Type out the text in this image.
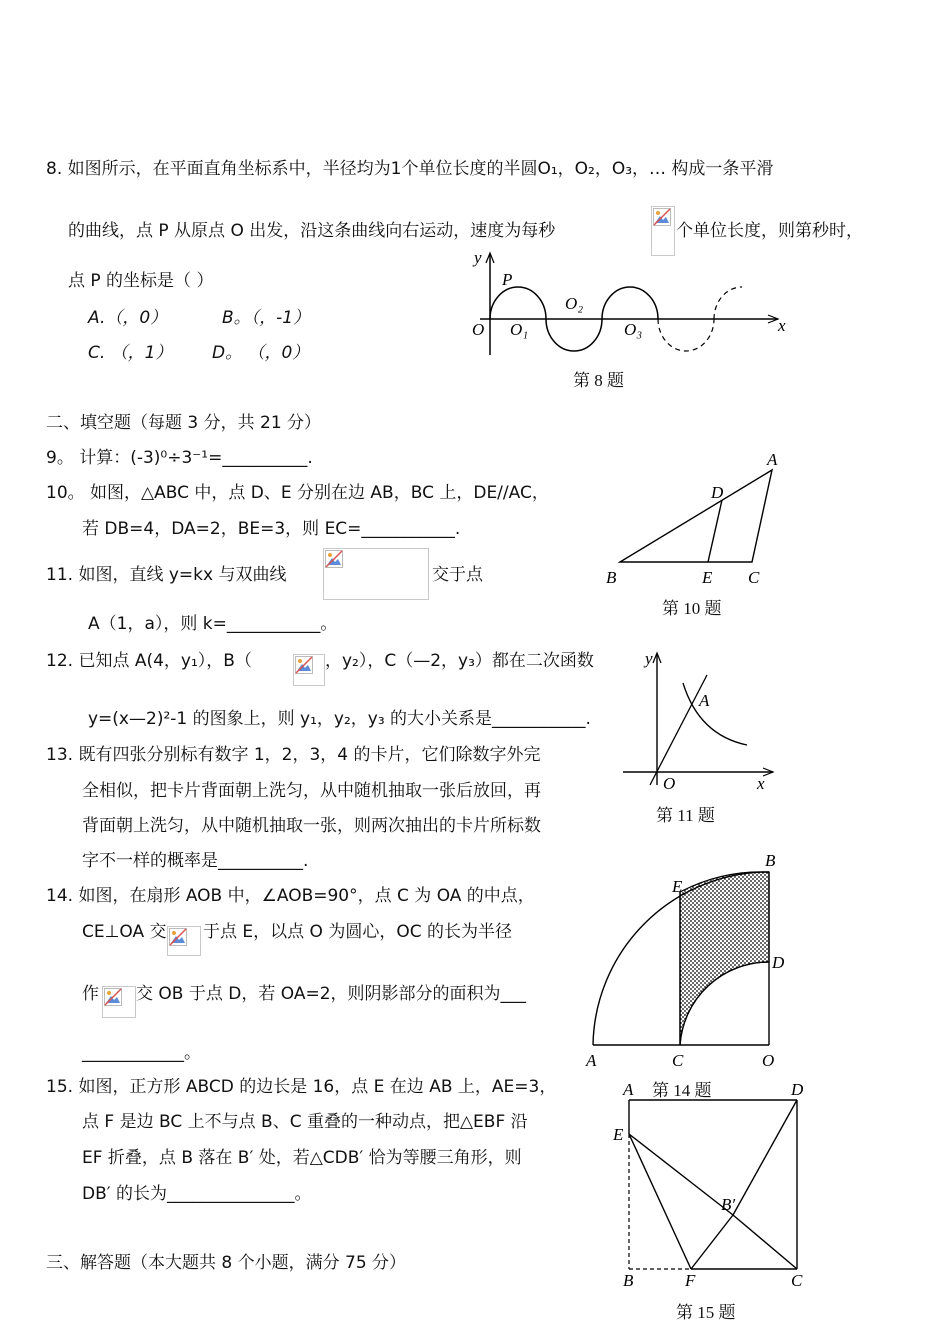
8. 如图所示，在平面直角坐标系中，半径均为1个单位长度的半圆O₁，O₂，O₃，… 构成一条平滑
的曲线，点 P 从原点 O 出发，沿这条曲线向右运动，速度为每秒	个单位长度，则第秒时，
点 P 的坐标是（ ）
A.（，0）	B。（，-1）
C. （，1） D。 （，0）
y
P
O O₁
O₂
O₃	x
第 8 题
二、填空题（每题 3 分，共 21 分）
9。 计算：(-3)⁰÷3⁻¹=__________.
10。 如图，△ABC 中，点 D、E 分别在边 AB，BC 上，DE//AC，
若 DB=4，DA=2，BE=3，则 EC=___________.
A
D
B	E C
第 10 题
11. 如图，直线 y=kx 与双曲线	交于点
A（1，a），则 k=___________。
A
y
O	x
第 11 题
12. 已知点 A(4，y₁），B（	，y₂），C（—2，y₃）都在二次函数
y=(x—2)²-1 的图象上，则 y₁，y₂，y₃ 的大小关系是___________.
13. 既有四张分别标有数字 1，2，3，4 的卡片，它们除数字外完
全相似，把卡片背面朝上洗匀，从中随机抽取一张后放回，再
背面朝上洗匀，从中随机抽取一张，则两次抽出的卡片所标数
字不一样的概率是__________.
14. 如图，在扇形 AOB 中，∠AOB=90°，点 C 为 OA 的中点，
CE⊥OA 交 于点 E，以点 O 为圆心，OC 的长为半径
作 交 OB 于点 D，若 OA=2，则阴影部分的面积为___
____________。	A	C	O
B
E
D
15. 如图，正方形 ABCD 的边长是 16，点 E 在边 AB 上，AE=3，
点 F 是边 BC 上不与点 B、C 重叠的一种动点，把△EBF 沿
EF 折叠，点 B 落在 B′ 处，若△CDB′ 恰为等腰三角形，则
DB′ 的长为_______________。
A	D
E
B′
B	F	C
第 14 题
第 15 题
三、解答题（本大题共 8 个小题，满分 75 分）
